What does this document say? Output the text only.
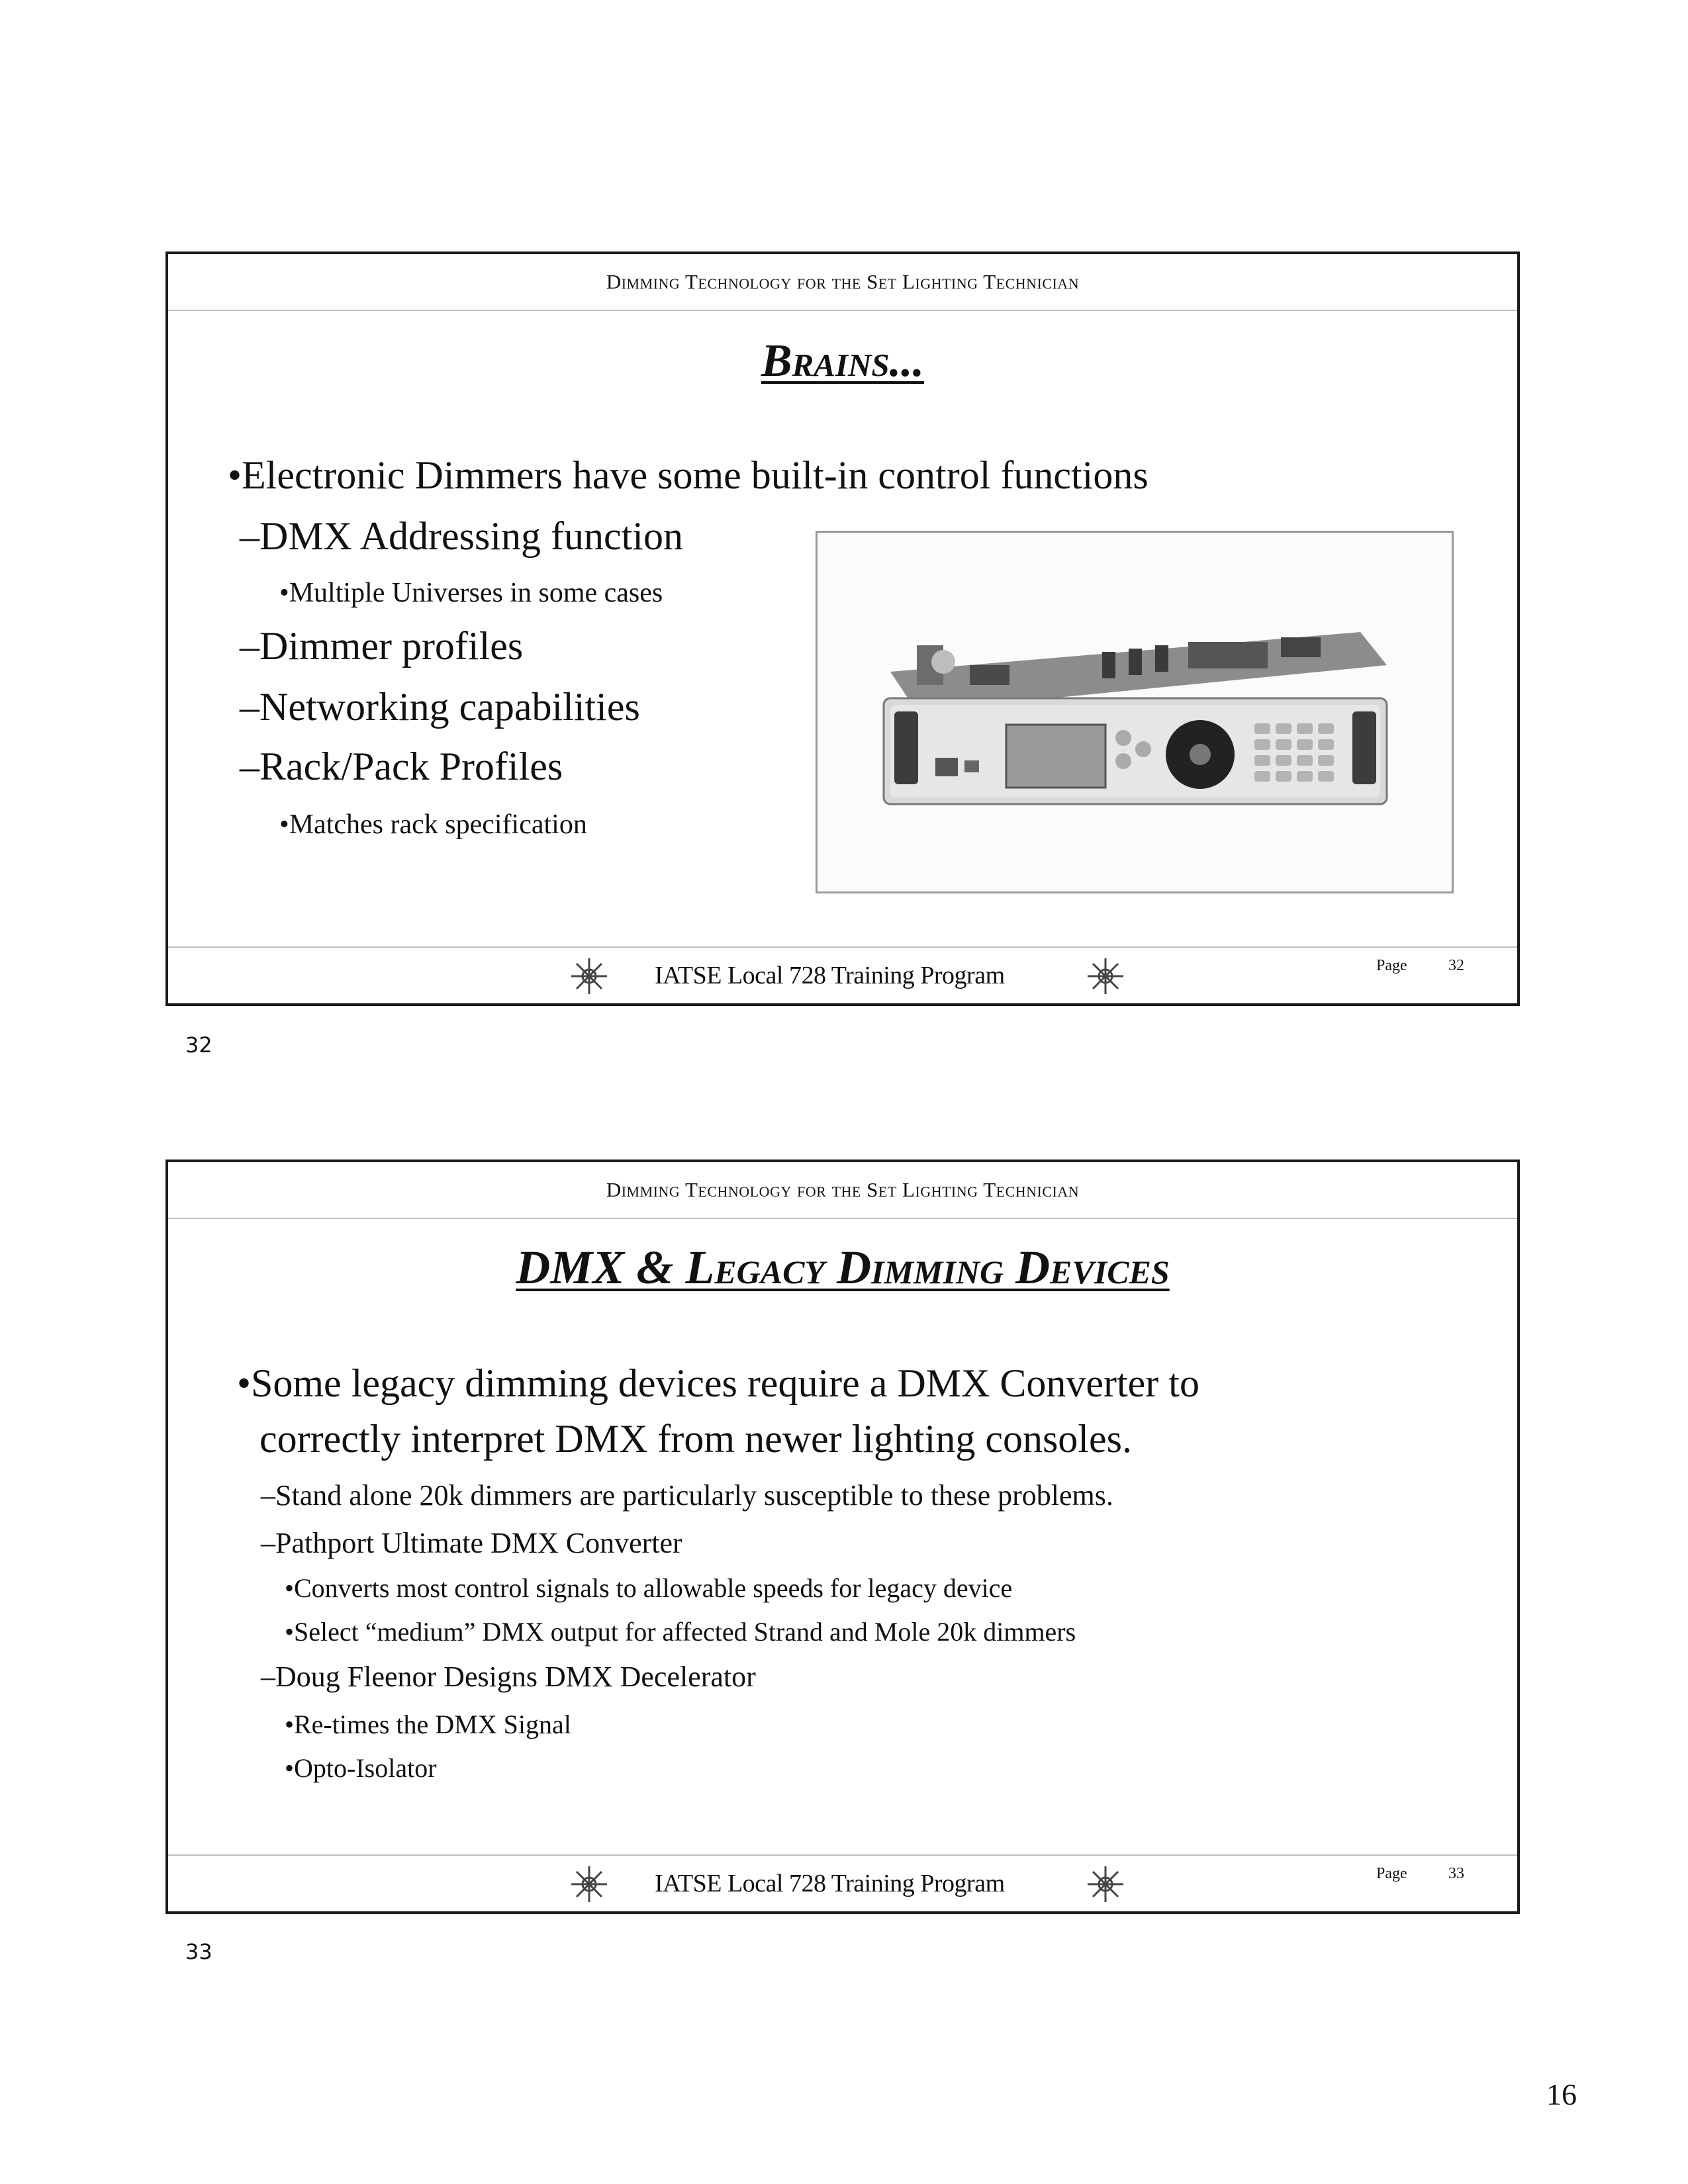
Dimming Technology for the Set Lighting Technician
Brains...
•Electronic Dimmers have some built-in control functions
–DMX Addressing function
•Multiple Universes in some cases
–Dimmer profiles
–Networking capabilities
–Rack/Pack Profiles
•Matches rack specification
IATSE Local 728 Training Program	Page	32
32
Dimming Technology for the Set Lighting Technician
DMX & Legacy Dimming Devices
•Some legacy dimming devices require a DMX Converter to
correctly interpret DMX from newer lighting consoles.
–Stand alone 20k dimmers are particularly susceptible to these problems.
–Pathport Ultimate DMX Converter
•Converts most control signals to allowable speeds for legacy device
•Select “medium” DMX output for affected Strand and Mole 20k dimmers
–Doug Fleenor Designs DMX Decelerator
•Re-times the DMX Signal
•Opto-Isolator
IATSE Local 728 Training Program	Page	33
33
16
